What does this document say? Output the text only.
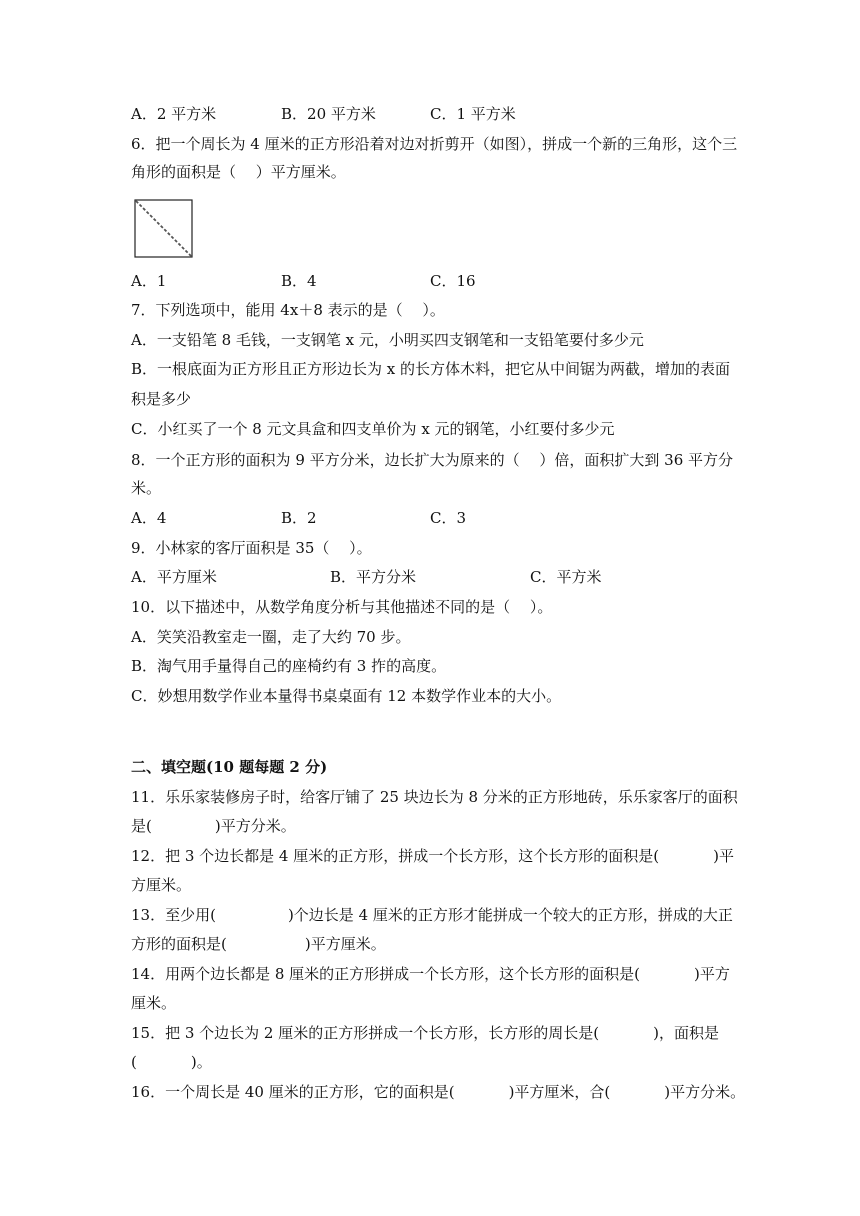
A．2 平方米	B．20 平方米	C．1 平方米
6．把一个周长为 4 厘米的正方形沿着对边对折剪开（如图），拼成一个新的三角形，这个三
角形的面积是（　 ）平方厘米。
A．1	B．4	C．16
7．下列选项中，能用 4x＋8 表示的是（　 ）。
A．一支铅笔 8 毛钱，一支钢笔 x 元，小明买四支钢笔和一支铅笔要付多少元
B．一根底面为正方形且正方形边长为 x 的长方体木料，把它从中间锯为两截，增加的表面
积是多少
C．小红买了一个 8 元文具盒和四支单价为 x 元的钢笔，小红要付多少元
8．一个正方形的面积为 9 平方分米，边长扩大为原来的（　 ）倍，面积扩大到 36 平方分
米。
A．4	B．2	C．3
9．小林家的客厅面积是 35（　 ）。
A．平方厘米	B．平方分米	C．平方米
10．以下描述中，从数学角度分析与其他描述不同的是（　 ）。
A．笑笑沿教室走一圈，走了大约 70 步。
B．淘气用手量得自己的座椅约有 3 拃的高度。
C．妙想用数学作业本量得书桌桌面有 12 本数学作业本的大小。
二、填空题(10 题每题 2 分)
11．乐乐家装修房子时，给客厅铺了 25 块边长为 8 分米的正方形地砖，乐乐家客厅的面积
是(	)平方分米。
12．把 3 个边长都是 4 厘米的正方形，拼成一个长方形，这个长方形的面积是(	)平
方厘米。
13．至少用(	)个边长是 4 厘米的正方形才能拼成一个较大的正方形，拼成的大正
方形的面积是(	)平方厘米。
14．用两个边长都是 8 厘米的正方形拼成一个长方形，这个长方形的面积是(	)平方
厘米。
15．把 3 个边长为 2 厘米的正方形拼成一个长方形，长方形的周长是(	)，面积是
(	)。
16．一个周长是 40 厘米的正方形，它的面积是(	)平方厘米，合(	)平方分米。
